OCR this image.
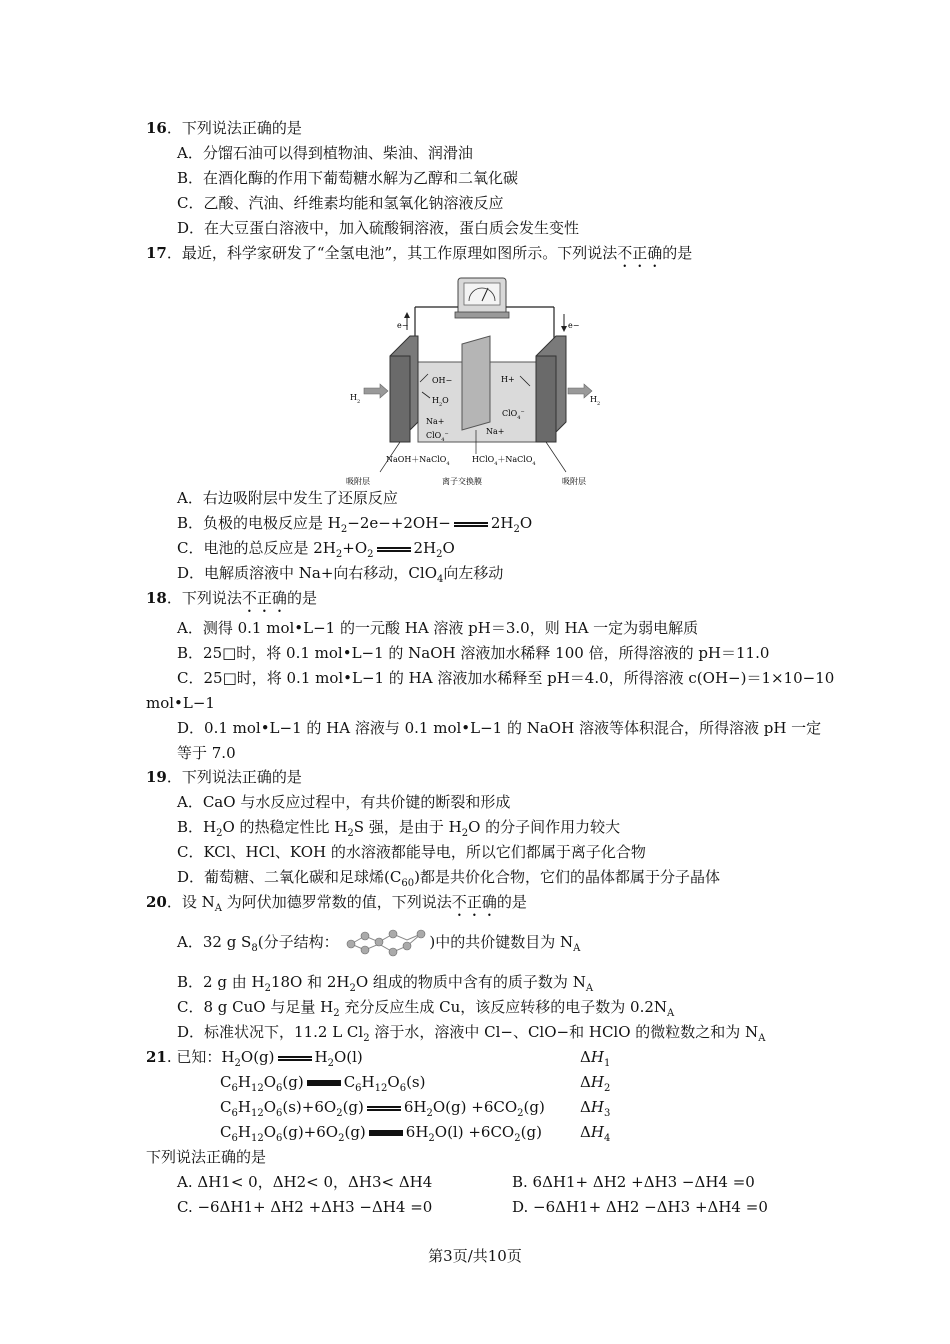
16．下列说法正确的是
A．分馏石油可以得到植物油、柴油、润滑油
B．在酒化酶的作用下葡萄糖水解为乙醇和二氧化碳
C．乙酸、汽油、纤维素均能和氢氧化钠溶液反应
D．在大豆蛋白溶液中，加入硫酸铜溶液，蛋白质会发生变性
17．最近，科学家研发了“全氢电池”，其工作原理如图所示。下列说法不正确的是
e−	e−
$H_2$	$H_2$
OH−
$H_2O$
Na+
ClO$_4$−
H+
ClO$_4$−
Na+
NaOH＋NaClO$_4$	HClO$_4$＋NaClO$_4$
吸附层	离子交换膜	吸附层
A．右边吸附层中发生了还原反应
B．负极的电极反应是 $H_2-2e-+2OH-$	$2H_2O$
C．电池的总反应是 $2H_2+O_2$	$2H_2O$
D．电解质溶液中 Na+向右移动，ClO$_4$向左移动
18．下列说法不正确的是
A．测得 0.1 mol•L−1 的一元酸 HA 溶液 pH＝3.0，则 HA 一定为弱电解质
B．25□时，将 0.1 mol•L−1 的 NaOH 溶液加水稀释 100 倍，所得溶液的 pH＝11.0
C．25□时，将 0.1 mol•L−1 的 HA 溶液加水稀释至 pH＝4.0，所得溶液 c(OH−)＝1×10−10
mol•L−1
D．0.1 mol•L−1 的 HA 溶液与 0.1 mol•L−1 的 NaOH 溶液等体积混合，所得溶液 pH 一定
等于 7.0
19．下列说法正确的是
A．CaO 与水反应过程中，有共价键的断裂和形成
B．$H_2O$ 的热稳定性比 $H_2S$ 强，是由于 $H_2O$ 的分子间作用力较大
C．KCl、HCl、KOH 的水溶液都能导电，所以它们都属于离子化合物
D．葡萄糖、二氧化碳和足球烯$(C_{60})$都是共价化合物，它们的晶体都属于分子晶体
20．设 $N_A$ 为阿伏加德罗常数的值，下列说法不正确的是
A．32 g $S_8$(分子结构：	)中的共价键数目为 $N_A$
B．2 g 由 $H_218O$ 和 $2H_2O$ 组成的物质中含有的质子数为 $N_A$
C．8 g CuO 与足量 $H_2$ 充分反应生成 Cu，该反应转移的电子数为 $0.2N_A$
D．标准状况下，11.2 L $Cl_2$ 溶于水，溶液中 Cl−、ClO−和 HClO 的微粒数之和为 $N_A$
21. 已知：$H_2O(g)$	$H_2O(l)$	$\Delta H_1$
$C_6H_{12}O_6(g)$	$C_6H_{12}O_6(s)$	$\Delta H_2$
$C_6H_{12}O_6(s)+6O_2(g)$	$6H_2O(g) +6CO_2(g)$ $\Delta H_3$
$C_6H_{12}O_6(g)+6O_2(g)$	$6H_2O(l) +6CO_2(g)$	$\Delta H_4$
下列说法正确的是
A. ΔH1< 0，ΔH2< 0，ΔH3< ΔH4	B. 6ΔH1+ ΔH2 +ΔH3 −ΔH4 =0
C. −6ΔH1+ ΔH2 +ΔH3 −ΔH4 =0	D. −6ΔH1+ ΔH2 −ΔH3 +ΔH4 =0
第3页/共10页
